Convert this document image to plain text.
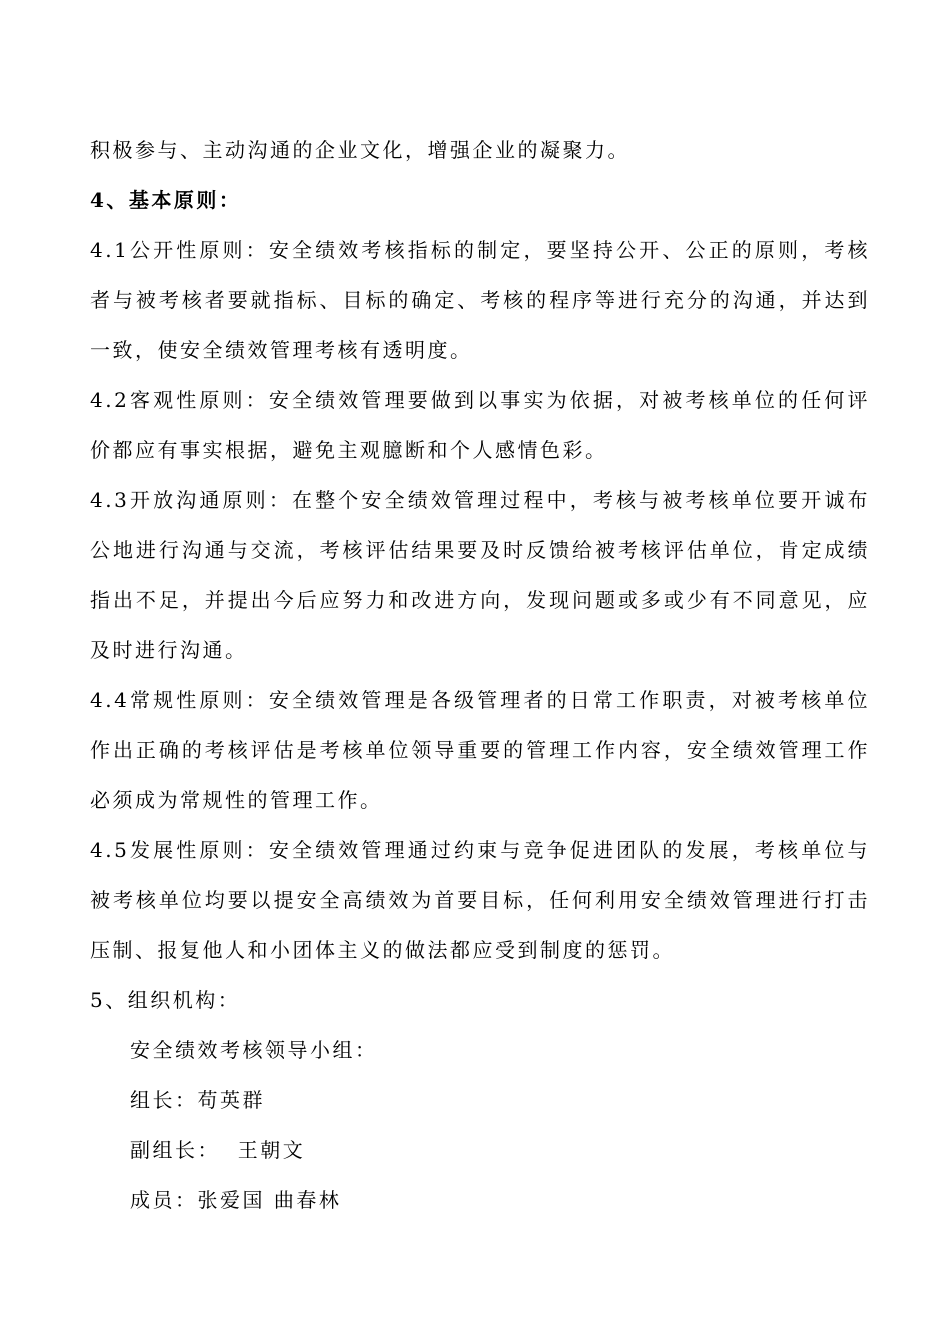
积极参与、主动沟通的企业文化，增强企业的凝聚力。
4、基本原则：
4.1公开性原则：安全绩效考核指标的制定，要坚持公开、公正的原则，考核
者与被考核者要就指标、目标的确定、考核的程序等进行充分的沟通，并达到
一致，使安全绩效管理考核有透明度。
4.2客观性原则：安全绩效管理要做到以事实为依据，对被考核单位的任何评
价都应有事实根据，避免主观臆断和个人感情色彩。
4.3开放沟通原则：在整个安全绩效管理过程中，考核与被考核单位要开诚布
公地进行沟通与交流，考核评估结果要及时反馈给被考核评估单位，肯定成绩
指出不足，并提出今后应努力和改进方向，发现问题或多或少有不同意见，应
及时进行沟通。
4.4常规性原则：安全绩效管理是各级管理者的日常工作职责，对被考核单位
作出正确的考核评估是考核单位领导重要的管理工作内容，安全绩效管理工作
必须成为常规性的管理工作。
4.5发展性原则：安全绩效管理通过约束与竞争促进团队的发展，考核单位与
被考核单位均要以提安全高绩效为首要目标，任何利用安全绩效管理进行打击
压制、报复他人和小团体主义的做法都应受到制度的惩罚。
5、组织机构：
安全绩效考核领导小组：
组长：苟英群
副组长：  王朝文
成员：张爱国 曲春林
